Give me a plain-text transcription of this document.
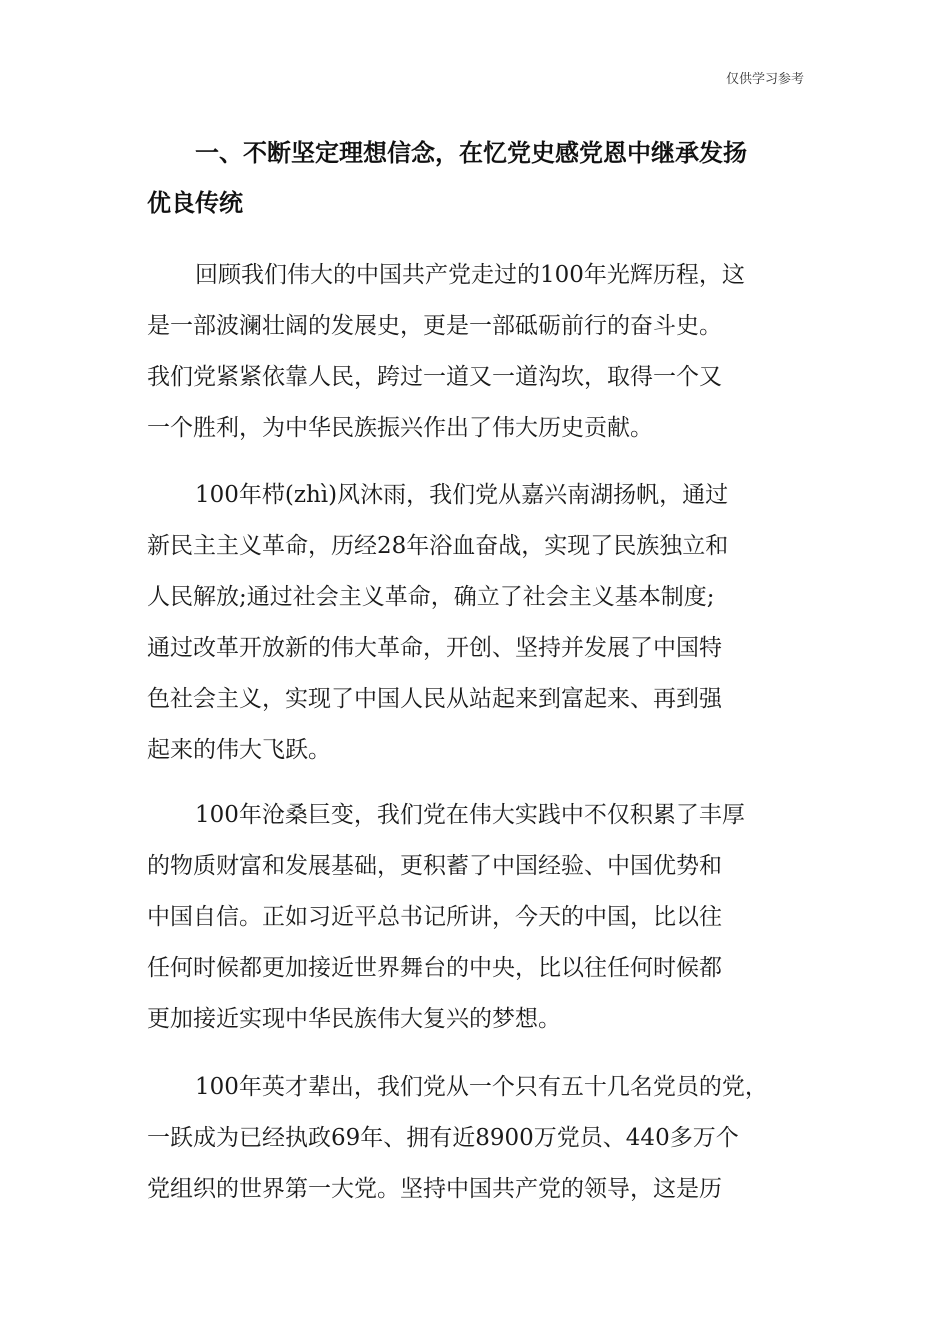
仅供学习参考
一、不断坚定理想信念，在忆党史感党恩中继承发扬
优良传统
回顾我们伟大的中国共产党走过的100年光辉历程，这
是一部波澜壮阔的发展史，更是一部砥砺前行的奋斗史。
我们党紧紧依靠人民，跨过一道又一道沟坎，取得一个又
一个胜利，为中华民族振兴作出了伟大历史贡献。
100年栉(zhì)风沐雨，我们党从嘉兴南湖扬帆，通过
新民主主义革命，历经28年浴血奋战，实现了民族独立和
人民解放;通过社会主义革命，确立了社会主义基本制度;
通过改革开放新的伟大革命，开创、坚持并发展了中国特
色社会主义，实现了中国人民从站起来到富起来、再到强
起来的伟大飞跃。
100年沧桑巨变，我们党在伟大实践中不仅积累了丰厚
的物质财富和发展基础，更积蓄了中国经验、中国优势和
中国自信。正如习近平总书记所讲，今天的中国，比以往
任何时候都更加接近世界舞台的中央，比以往任何时候都
更加接近实现中华民族伟大复兴的梦想。
100年英才辈出，我们党从一个只有五十几名党员的党，
一跃成为已经执政69年、拥有近8900万党员、440多万个
党组织的世界第一大党。坚持中国共产党的领导，这是历
